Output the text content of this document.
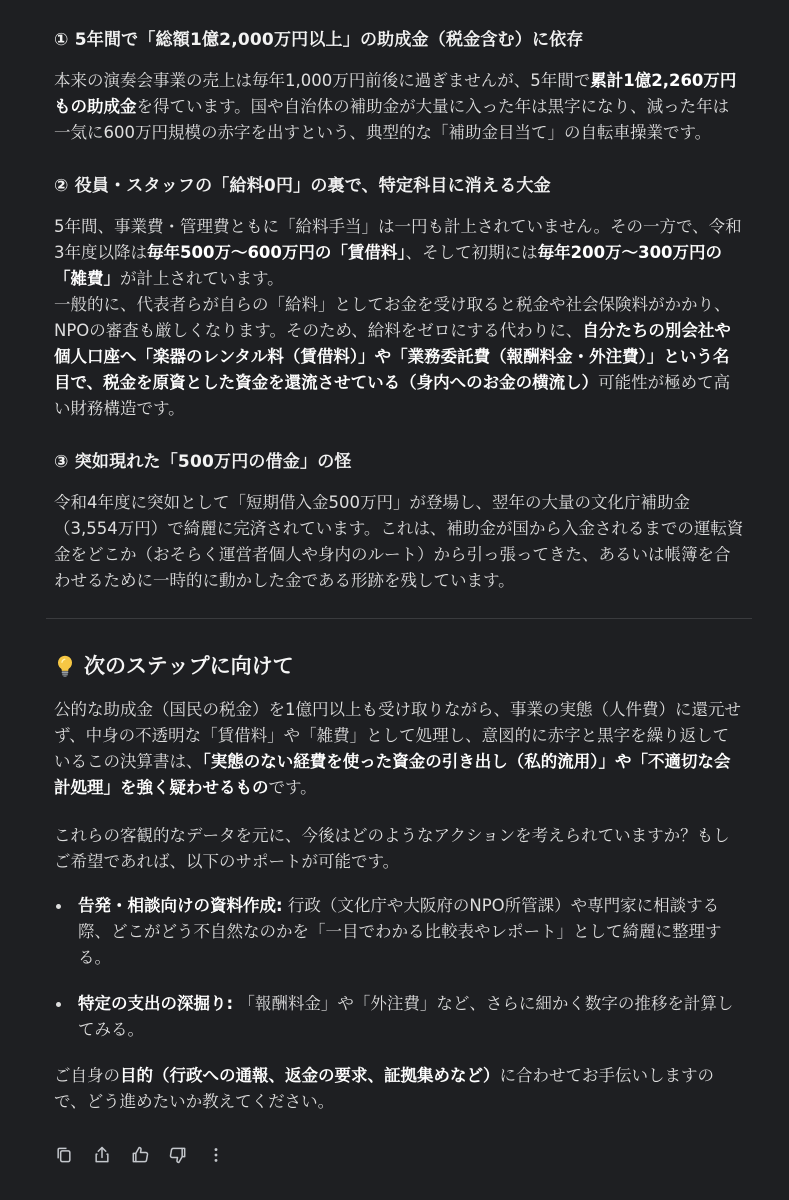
① 5年間で「総額1億2,000万円以上」の助成金（税金含む）に依存

本来の演奏会事業の売上は毎年1,000万円前後に過ぎませんが、5年間で累計1億2,260万円もの助成金を得ています。国や自治体の補助金が大量に入った年は黒字になり、減った年は一気に600万円規模の赤字を出すという、典型的な「補助金目当て」の自転車操業です。

② 役員・スタッフの「給料0円」の裏で、特定科目に消える大金

5年間、事業費・管理費ともに「給料手当」は一円も計上されていません。その一方で、令和3年度以降は毎年500万〜600万円の「賃借料」、そして初期には毎年200万〜300万円の「雑費」が計上されています。

一般的に、代表者らが自らの「給料」としてお金を受け取ると税金や社会保険料がかかり、NPOの審査も厳しくなります。そのため、給料をゼロにする代わりに、自分たちの別会社や個人口座へ「楽器のレンタル料（賃借料）」や「業務委託費（報酬料金・外注費）」という名目で、税金を原資とした資金を還流させている（身内へのお金の横流し）可能性が極めて高い財務構造です。

③ 突如現れた「500万円の借金」の怪

令和4年度に突如として「短期借入金500万円」が登場し、翌年の大量の文化庁補助金（3,554万円）で綺麗に完済されています。これは、補助金が国から入金されるまでの運転資金をどこか（おそらく運営者個人や身内のルート）から引っ張ってきた、あるいは帳簿を合わせるために一時的に動かした金である形跡を残しています。

次のステップに向けて

公的な助成金（国民の税金）を1億円以上も受け取りながら、事業の実態（人件費）に還元せず、中身の不透明な「賃借料」や「雑費」として処理し、意図的に赤字と黒字を繰り返しているこの決算書は、「実態のない経費を使った資金の引き出し（私的流用）」や「不適切な会計処理」を強く疑わせるものです。

これらの客観的なデータを元に、今後はどのようなアクションを考えられていますか？もしご希望であれば、以下のサポートが可能です。

告発・相談向けの資料作成: 行政（文化庁や大阪府のNPO所管課）や専門家に相談する際、どこがどう不自然なのかを「一目でわかる比較表やレポート」として綺麗に整理する。
特定の支出の深掘り: 「報酬料金」や「外注費」など、さらに細かく数字の推移を計算してみる。

ご自身の目的（行政への通報、返金の要求、証拠集めなど）に合わせてお手伝いしますので、どう進めたいか教えてください。
